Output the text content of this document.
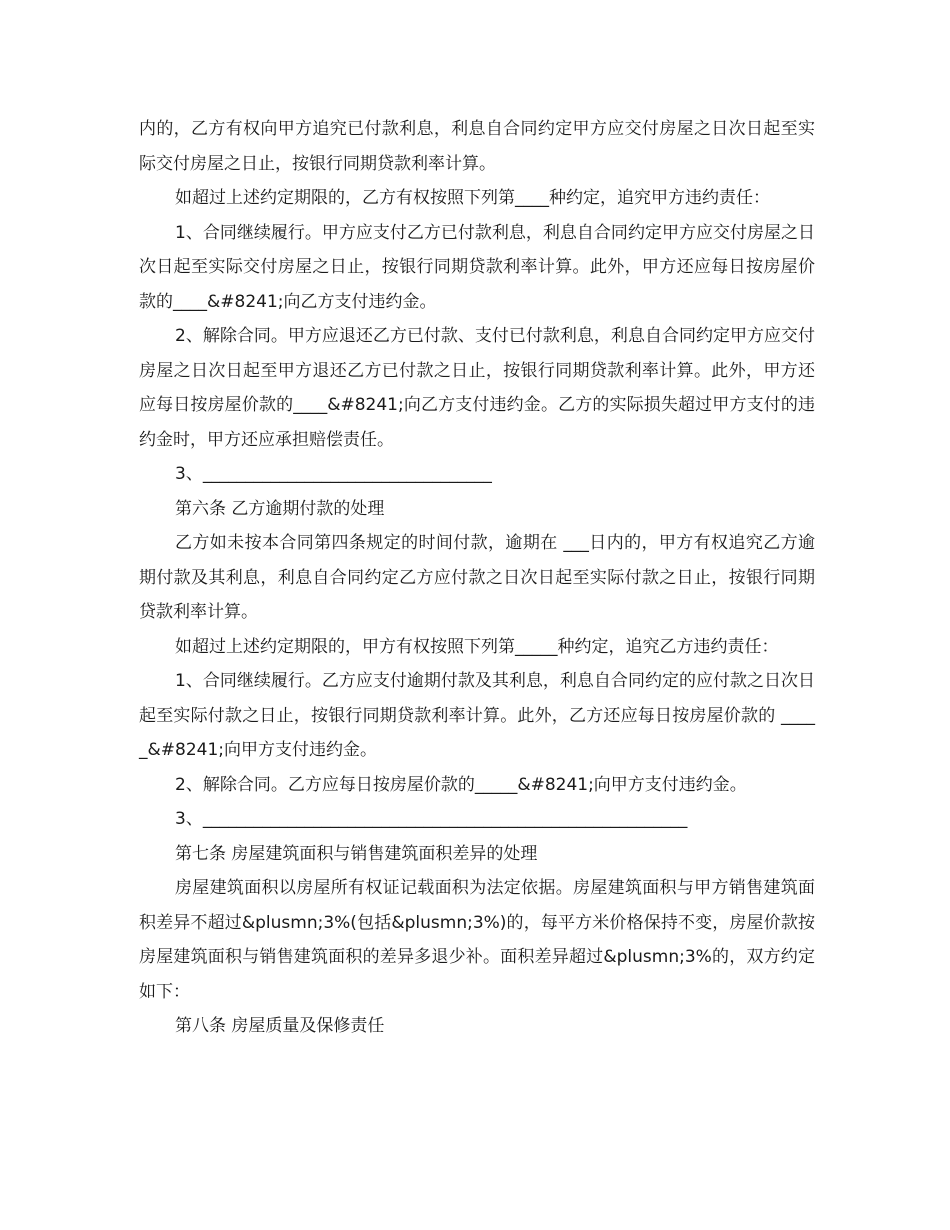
内的，乙方有权向甲方追究已付款利息，利息自合同约定甲方应交付房屋之日次日起至实际交付房屋之日止，按银行同期贷款利率计算。

如超过上述约定期限的，乙方有权按照下列第____种约定，追究甲方违约责任：

1、合同继续履行。甲方应支付乙方已付款利息，利息自合同约定甲方应交付房屋之日次日起至实际交付房屋之日止，按银行同期贷款利率计算。此外，甲方还应每日按房屋价款的____&#8241;向乙方支付违约金。

2、解除合同。甲方应退还乙方已付款、支付已付款利息，利息自合同约定甲方应交付房屋之日次日起至甲方退还乙方已付款之日止，按银行同期贷款利率计算。此外，甲方还应每日按房屋价款的____&#8241;向乙方支付违约金。乙方的实际损失超过甲方支付的违约金时，甲方还应承担赔偿责任。

3、__________________________________

第六条 乙方逾期付款的处理

乙方如未按本合同第四条规定的时间付款，逾期在 ___日内的，甲方有权追究乙方逾期付款及其利息，利息自合同约定乙方应付款之日次日起至实际付款之日止，按银行同期贷款利率计算。

如超过上述约定期限的，甲方有权按照下列第_____种约定，追究乙方违约责任：

1、合同继续履行。乙方应支付逾期付款及其利息，利息自合同约定的应付款之日次日起至实际付款之日止，按银行同期贷款利率计算。此外，乙方还应每日按房屋价款的 _____&#8241;向甲方支付违约金。

2、解除合同。乙方应每日按房屋价款的_____&#8241;向甲方支付违约金。

3、_________________________________________________________

第七条 房屋建筑面积与销售建筑面积差异的处理

房屋建筑面积以房屋所有权证记载面积为法定依据。房屋建筑面积与甲方销售建筑面积差异不超过&plusmn;3%(包括&plusmn;3%)的，每平方米价格保持不变，房屋价款按房屋建筑面积与销售建筑面积的差异多退少补。面积差异超过&plusmn;3%的，双方约定如下：

第八条 房屋质量及保修责任
